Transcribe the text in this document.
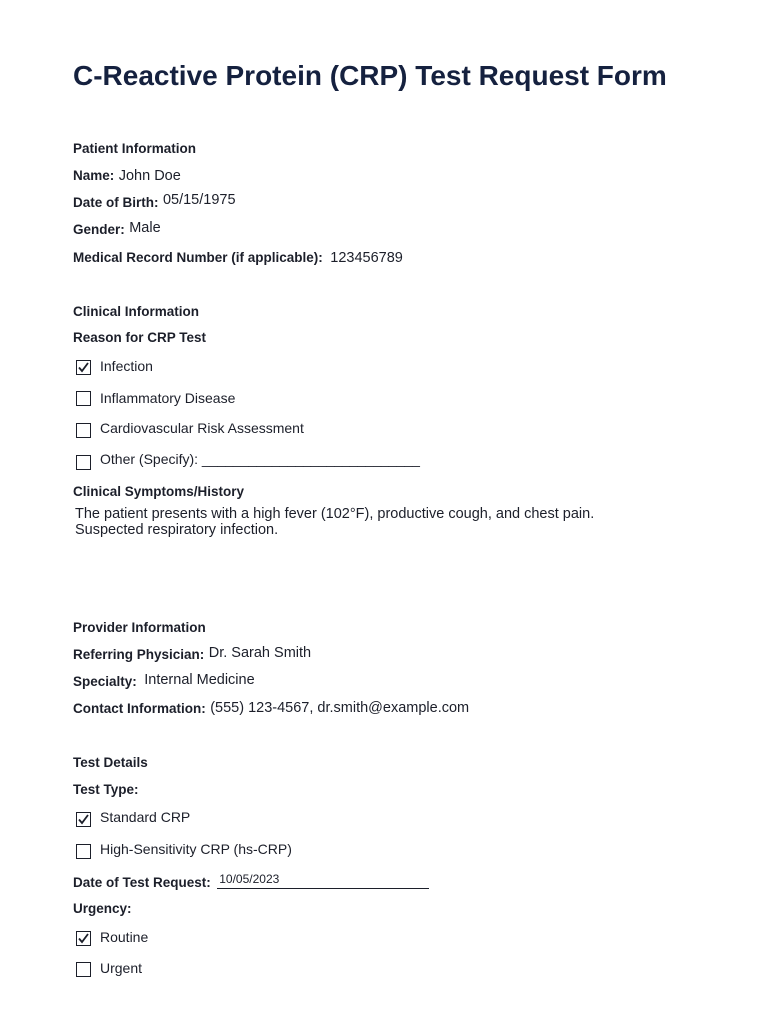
C-Reactive Protein (CRP) Test Request Form
Patient Information
Name: John Doe
Date of Birth: 05/15/1975
Gender: Male
Medical Record Number (if applicable): 123456789
Clinical Information
Reason for CRP Test
Infection
Inflammatory Disease
Cardiovascular Risk Assessment
Other (Specify): ____________________________
Clinical Symptoms/History
The patient presents with a high fever (102°F), productive cough, and chest pain.
Suspected respiratory infection.
Provider Information
Referring Physician: Dr. Sarah Smith
Specialty: Internal Medicine
Contact Information: (555) 123-4567, dr.smith@example.com
Test Details
Test Type:
Standard CRP
High-Sensitivity CRP (hs-CRP)
Date of Test Request: 10/05/2023
Urgency:
Routine
Urgent
